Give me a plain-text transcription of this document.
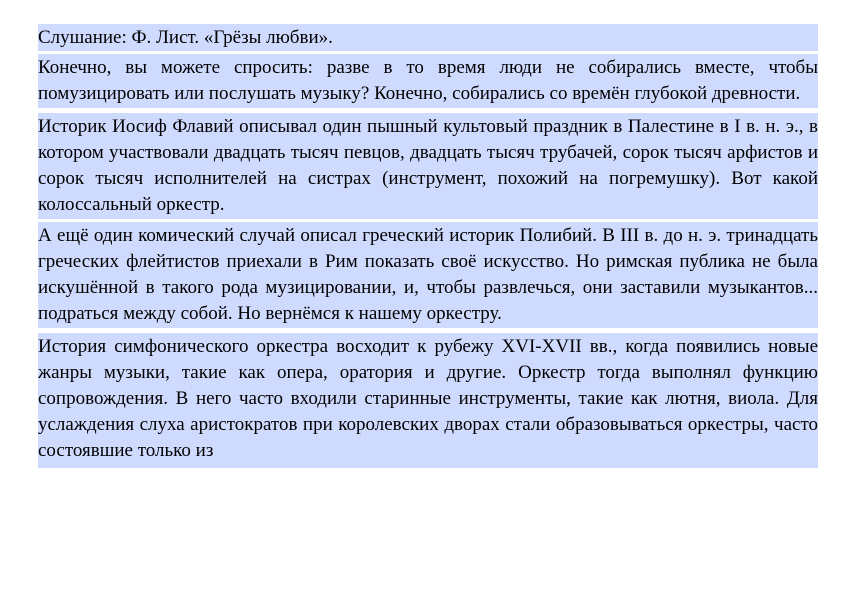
Слушание: Ф. Лист. «Грёзы любви».
Конечно, вы можете спросить: разве в то время люди не собирались вместе, чтобы помузицировать или послушать музыку? Конечно, собирались со времён глубокой древности.
Историк Иосиф Флавий описывал один пышный культовый праздник в Палестине в I в. н. э., в котором участвовали двадцать тысяч певцов, двадцать тысяч трубачей, сорок тысяч арфистов и сорок тысяч исполнителей на систрах (инструмент, похожий на погремушку). Вот какой колоссальный оркестр.
А ещё один комический случай описал греческий историк Полибий. В III в. до н. э. тринадцать греческих флейтистов приехали в Рим показать своё искусство. Но римская публика не была искушённой в такого рода музицировании, и, чтобы развлечься, они заставили музыкантов... подраться между собой. Но вернёмся к нашему оркестру.
История симфонического оркестра восходит к рубежу XVI-XVII вв., когда появились новые жанры музыки, такие как опера, оратория и другие. Оркестр тогда выполнял функцию сопровождения. В него часто входили старинные инструменты, такие как лютня, виола. Для услаждения слуха аристократов при королевских дворах стали образовываться оркестры, часто состоявшие только из
